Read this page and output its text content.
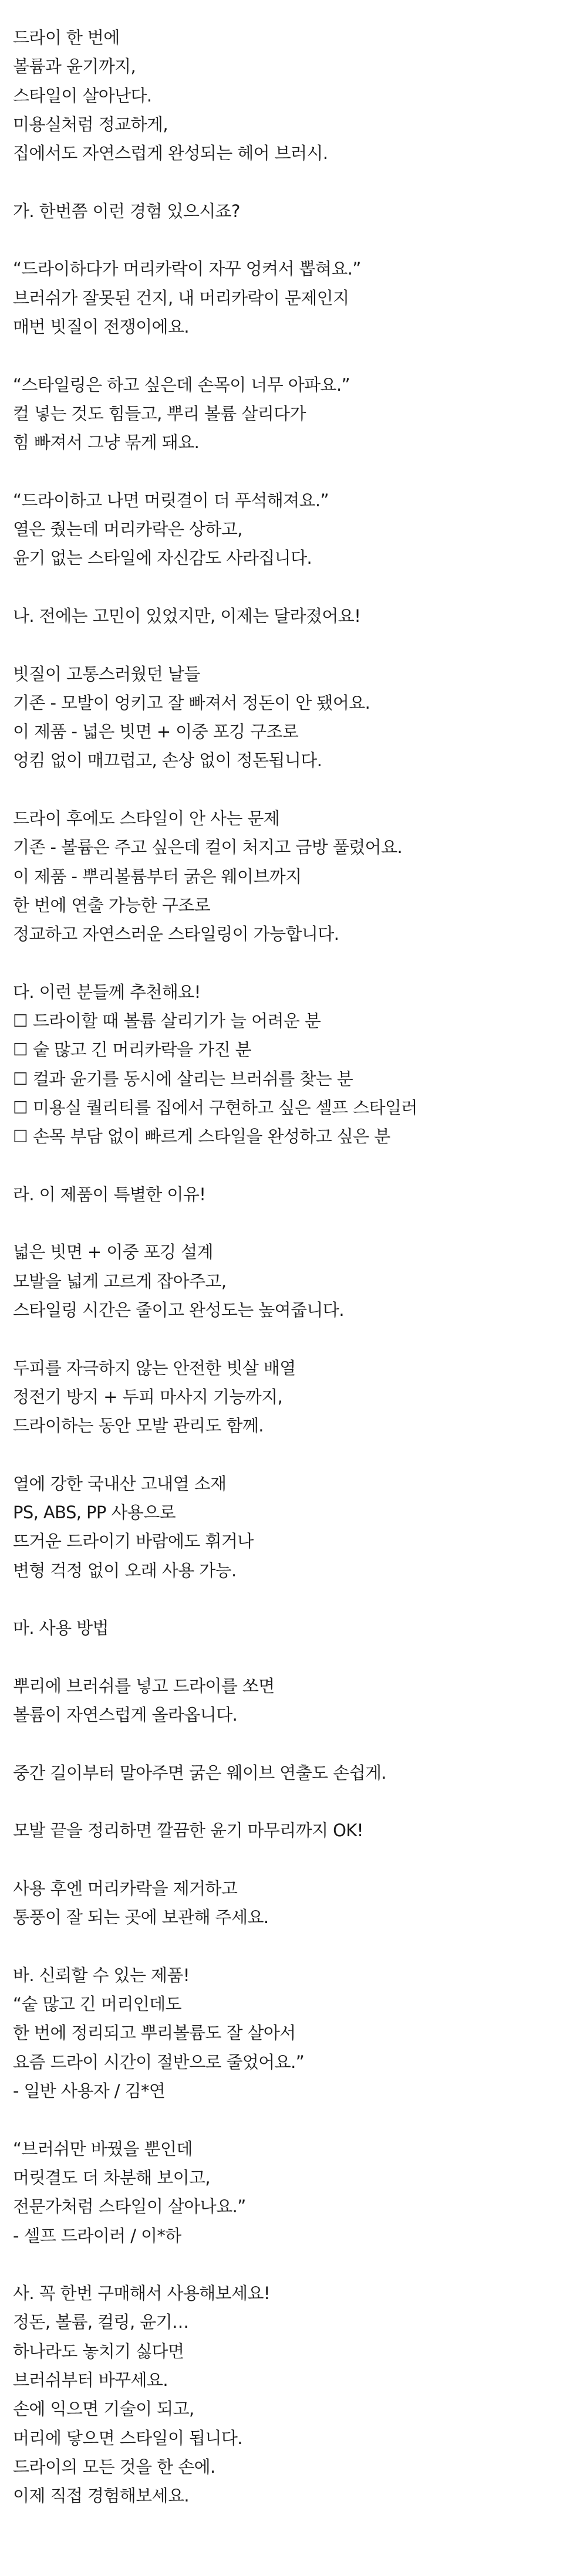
드라이 한 번에
볼륨과 윤기까지,
스타일이 살아난다.
미용실처럼 정교하게,
집에서도 자연스럽게 완성되는 헤어 브러시.
가. 한번쯤 이런 경험 있으시죠?
“드라이하다가 머리카락이 자꾸 엉켜서 뽑혀요.”
브러쉬가 잘못된 건지, 내 머리카락이 문제인지
매번 빗질이 전쟁이에요.
“스타일링은 하고 싶은데 손목이 너무 아파요.”
컬 넣는 것도 힘들고, 뿌리 볼륨 살리다가
힘 빠져서 그냥 묶게 돼요.
“드라이하고 나면 머릿결이 더 푸석해져요.”
열은 줬는데 머리카락은 상하고,
윤기 없는 스타일에 자신감도 사라집니다.
나. 전에는 고민이 있었지만, 이제는 달라졌어요!
빗질이 고통스러웠던 날들
기존 - 모발이 엉키고 잘 빠져서 정돈이 안 됐어요.
이 제품 - 넓은 빗면 + 이중 포깅 구조로
엉킴 없이 매끄럽고, 손상 없이 정돈됩니다.
드라이 후에도 스타일이 안 사는 문제
기존 - 볼륨은 주고 싶은데 컬이 처지고 금방 풀렸어요.
이 제품 - 뿌리볼륨부터 굵은 웨이브까지
한 번에 연출 가능한 구조로
정교하고 자연스러운 스타일링이 가능합니다.
다. 이런 분들께 추천해요!
☐ 드라이할 때 볼륨 살리기가 늘 어려운 분
☐ 숱 많고 긴 머리카락을 가진 분
☐ 컬과 윤기를 동시에 살리는 브러쉬를 찾는 분
☐ 미용실 퀄리티를 집에서 구현하고 싶은 셀프 스타일러
☐ 손목 부담 없이 빠르게 스타일을 완성하고 싶은 분
라. 이 제품이 특별한 이유!
넓은 빗면 + 이중 포깅 설계
모발을 넓게 고르게 잡아주고,
스타일링 시간은 줄이고 완성도는 높여줍니다.
두피를 자극하지 않는 안전한 빗살 배열
정전기 방지 + 두피 마사지 기능까지,
드라이하는 동안 모발 관리도 함께.
열에 강한 국내산 고내열 소재
PS, ABS, PP 사용으로
뜨거운 드라이기 바람에도 휘거나
변형 걱정 없이 오래 사용 가능.
마. 사용 방법
뿌리에 브러쉬를 넣고 드라이를 쏘면
볼륨이 자연스럽게 올라옵니다.
중간 길이부터 말아주면 굵은 웨이브 연출도 손쉽게.
모발 끝을 정리하면 깔끔한 윤기 마무리까지 OK!
사용 후엔 머리카락을 제거하고
통풍이 잘 되는 곳에 보관해 주세요.
바. 신뢰할 수 있는 제품!
“숱 많고 긴 머리인데도
한 번에 정리되고 뿌리볼륨도 잘 살아서
요즘 드라이 시간이 절반으로 줄었어요.”
- 일반 사용자 / 김*연
“브러쉬만 바꿨을 뿐인데
머릿결도 더 차분해 보이고,
전문가처럼 스타일이 살아나요.”
- 셀프 드라이러 / 이*하
사. 꼭 한번 구매해서 사용해보세요!
정돈, 볼륨, 컬링, 윤기…
하나라도 놓치기 싫다면
브러쉬부터 바꾸세요.
손에 익으면 기술이 되고,
머리에 닿으면 스타일이 됩니다.
드라이의 모든 것을 한 손에.
이제 직접 경험해보세요.
